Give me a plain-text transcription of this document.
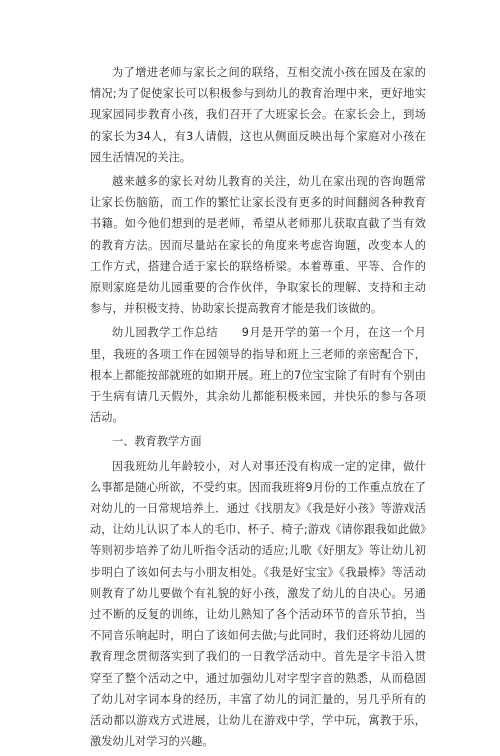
为了增进老师与家长之间的联络，互相交流小孩在园及在家的情况;为了促使家长可以积极参与到幼儿的教育治理中来，更好地实现家园同步教育小孩，我们召开了大班家长会。在家长会上，到场的家长为34人，有3人请假，这也从侧面反映出每个家庭对小孩在园生活情况的关注。

越来越多的家长对幼儿教育的关注，幼儿在家出现的咨询题常让家长伤脑筋，而工作的繁忙让家长没有更多的时间翻阅各种教育书籍。如今他们想到的是老师，希望从老师那儿获取直截了当有效的教育方法。因而尽量站在家长的角度来考虑咨询题，改变本人的工作方式，搭建合适于家长的联络桥梁。本着尊重、平等、合作的原则家庭是幼儿园重要的合作伙伴，争取家长的理解、支持和主动参与，并积极支持、协助家长提高教育才能是我们该做的。

幼儿园教学工作总结　　9月是开学的第一个月，在这一个月里，我班的各项工作在园领导的指导和班上三老师的亲密配合下，根本上都能按部就班的如期开展。班上的7位宝宝除了有时有个别由于生病有请几天假外，其余幼儿都能积极来园，并快乐的参与各项活动。

一、教育教学方面

因我班幼儿年龄较小，对人对事还没有构成一定的定律，做什么事都是随心所欲，不受约束。因而我班将9月份的工作重点放在了对幼儿的一日常规培养上．通过《找朋友》《我是好小孩》等游戏活动，让幼儿认识了本人的毛巾、杯子、椅子;游戏《请你跟我如此做》等则初步培养了幼儿听指令活动的适应;儿歌《好朋友》等让幼儿初步明白了该如何去与小朋友相处。《我是好宝宝》《我最棒》等活动则教育了幼儿要做个有礼貌的好小孩，激发了幼儿的自决心。另通过不断的反复的训练，让幼儿熟知了各个活动环节的音乐节拍，当不同音乐响起时，明白了该如何去做;与此同时，我们还将幼儿园的教育理念贯彻落实到了我们的一日教学活动中。首先是字卡沿入贯穿至了整个活动之中，通过加强幼儿对字型字音的熟悉，从而稳固了幼儿对字词本身的经历，丰富了幼儿的词汇量的，另几乎所有的活动都以游戏方式进展，让幼儿在游戏中学，学中玩，寓教于乐，激发幼儿对学习的兴趣。
